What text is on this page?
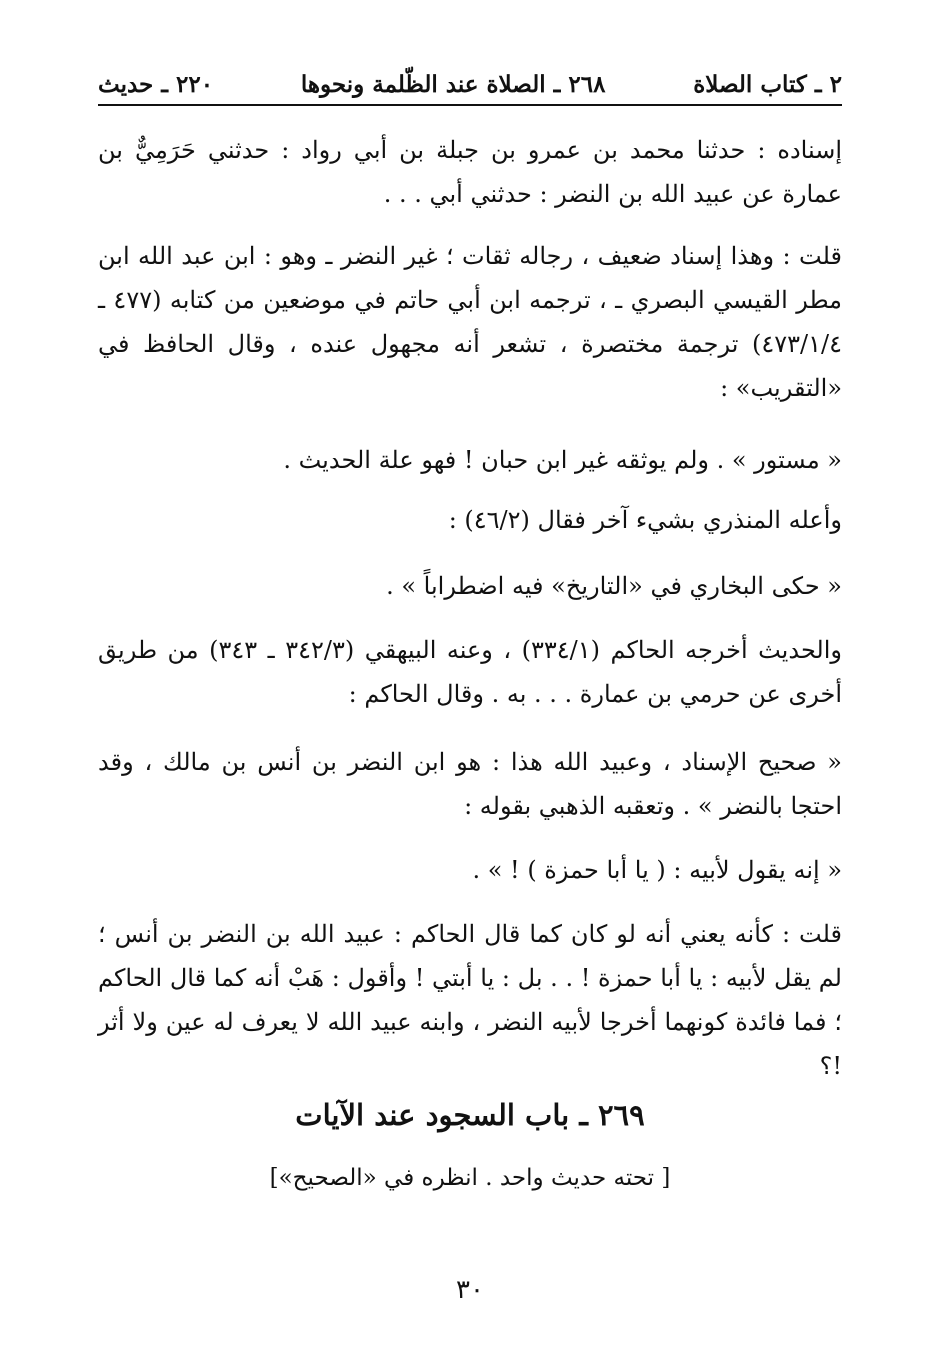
٢ ـ كتاب الصلاة
٢٦٨ ـ الصلاة عند الظّلمة ونحوها
٢٢٠ ـ حديث
إسناده : حدثنا محمد بن عمرو بن جبلة بن أبي رواد : حدثني حَرَمِيٌّ بن عمارة عن عبيد الله بن النضر : حدثني أبي . . .
قلت : وهذا إسناد ضعيف ، رجاله ثقات ؛ غير النضر ـ وهو : ابن عبد الله ابن مطر القيسي البصري ـ ، ترجمه ابن أبي حاتم في موضعين من كتابه (٤٧٧ ـ ٤٧٣/١/٤) ترجمة مختصرة ، تشعر أنه مجهول عنده ، وقال الحافظ في «التقريب» :
« مستور » . ولم يوثقه غير ابن حبان ! فهو علة الحديث .
وأعله المنذري بشيء آخر فقال (٤٦/٢) :
« حكى البخاري في «التاريخ» فيه اضطراباً » .
والحديث أخرجه الحاكم (٣٣٤/١) ، وعنه البيهقي (٣٤٢/٣ ـ ٣٤٣) من طريق أخرى عن حرمي بن عمارة . . . به . وقال الحاكم :
« صحيح الإسناد ، وعبيد الله هذا : هو ابن النضر بن أنس بن مالك ، وقد احتجا بالنضر » . وتعقبه الذهبي بقوله :
« إنه يقول لأبيه : ( يا أبا حمزة ) ! » .
قلت : كأنه يعني أنه لو كان كما قال الحاكم : عبيد الله بن النضر بن أنس ؛ لم يقل لأبيه : يا أبا حمزة ! . . بل : يا أبتي ! وأقول : هَبْ أنه كما قال الحاكم ؛ فما فائدة كونهما أخرجا لأبيه النضر ، وابنه عبيد الله لا يعرف له عين ولا أثر !؟
٢٦٩ ـ باب السجود عند الآيات
[ تحته حديث واحد . انظره في «الصحيح»]
٣٠
